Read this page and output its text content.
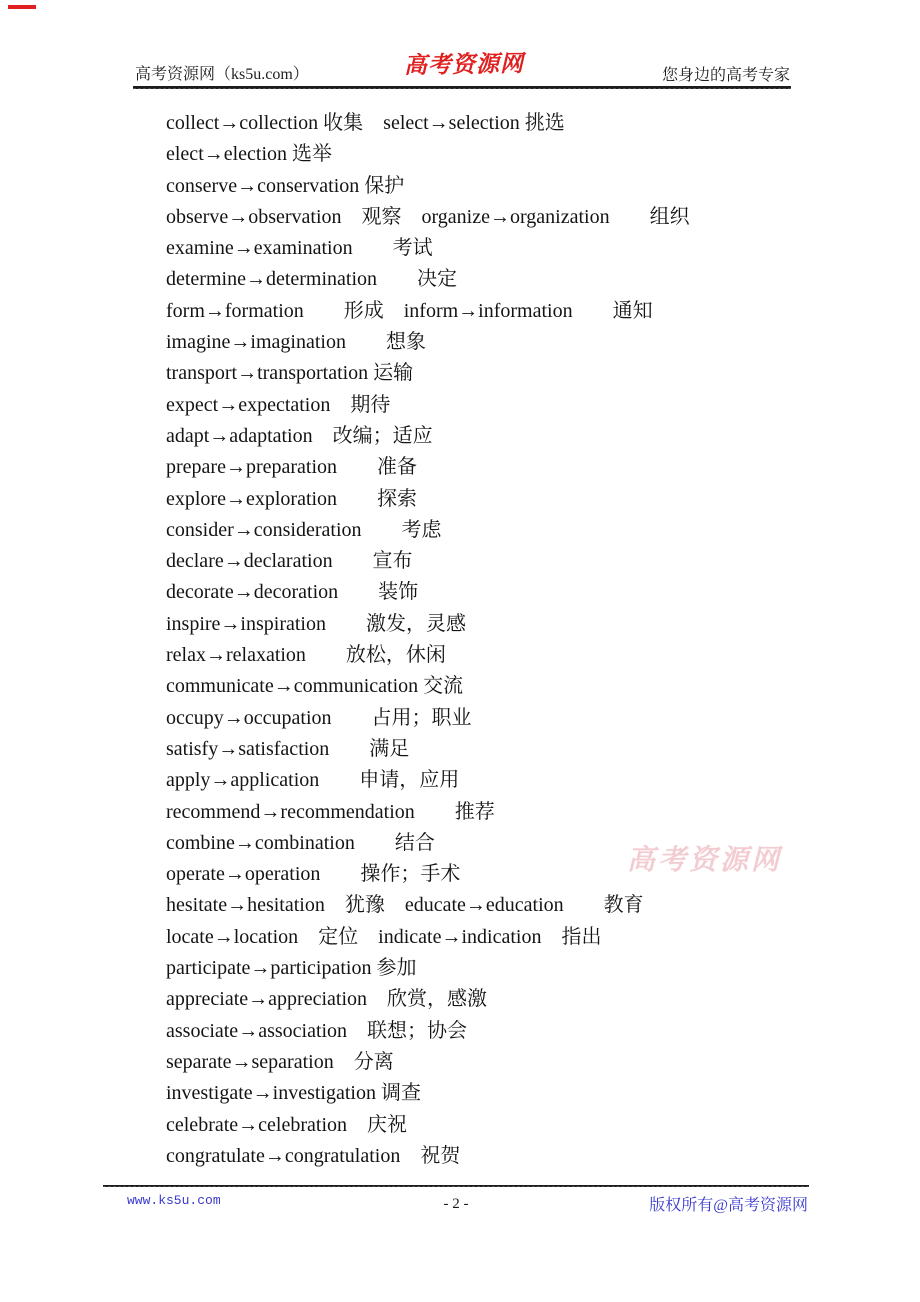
高考资源网（ks5u.com）	高考资源网	您身边的高考专家
collect→collection 收集　select→selection 挑选
elect→election 选举
conserve→conservation 保护
observe→observation　观察　organize→organization　　组织
examine→examination　　考试
determine→determination　　决定
form→formation　　形成　inform→information　　通知
imagine→imagination　　想象
transport→transportation 运输
expect→expectation　期待
adapt→adaptation　改编；适应
prepare→preparation　　准备
explore→exploration　　探索
consider→consideration　　考虑
declare→declaration　　宣布
decorate→decoration　　装饰
inspire→inspiration　　激发，灵感
relax→relaxation　　放松，休闲
communicate→communication 交流
occupy→occupation　　占用；职业
satisfy→satisfaction　　满足
apply→application　　申请，应用
recommend→recommendation　　推荐
combine→combination　　结合
operate→operation　　操作；手术
hesitate→hesitation　犹豫　educate→education　　教育
locate→location　定位　indicate→indication　指出
participate→participation 参加
appreciate→appreciation　欣赏，感激
associate→association　联想；协会
separate→separation　分离
investigate→investigation 调查
celebrate→celebration　庆祝
congratulate→congratulation　祝贺
高考资源网
www.ks5u.com	- 2 -	版权所有@高考资源网
